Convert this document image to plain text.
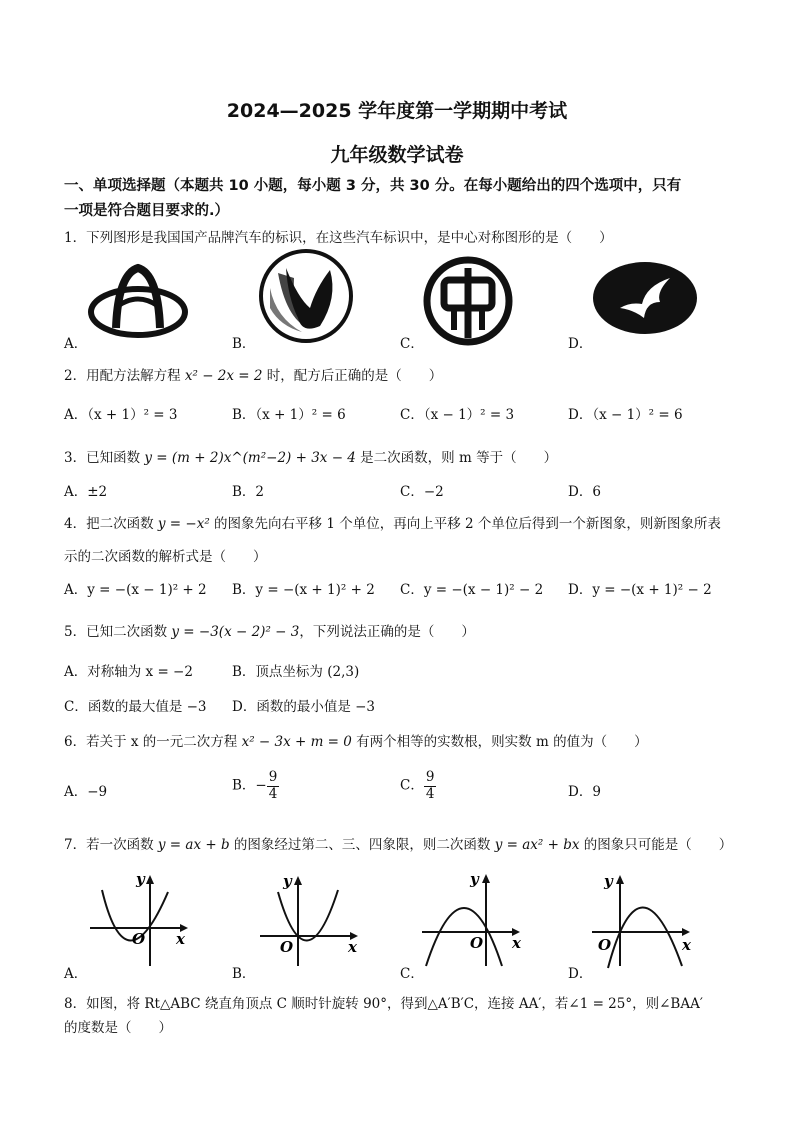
2024—2025 学年度第一学期期中考试
九年级数学试卷
一、单项选择题（本题共 10 小题，每小题 3 分，共 30 分。在每小题给出的四个选项中，只有
一项是符合题目要求的.）
1．下列图形是我国国产品牌汽车的标识，在这些汽车标识中，是中心对称图形的是（　　）
A．	B．	C．	D．
2．用配方法解方程 x² − 2x = 2 时，配方后正确的是（　　）
A．（x + 1）² = 3	B．（x + 1）² = 6	C．（x − 1）² = 3	D．（x − 1）² = 6
3．已知函数 y = (m + 2)x^(m²−2) + 3x − 4 是二次函数，则 m 等于（　　）
A．±2	B．2	C．−2	D．6
4．把二次函数 y = −x² 的图象先向右平移 1 个单位，再向上平移 2 个单位后得到一个新图象，则新图象所表
示的二次函数的解析式是（　　）
A．y = −(x − 1)² + 2 B．y = −(x + 1)² + 2 C．y = −(x − 1)² − 2 D．y = −(x + 1)² − 2
5．已知二次函数 y = −3(x − 2)² − 3，下列说法正确的是（　　）
A．对称轴为 x = −2	B．顶点坐标为 (2,3)
C．函数的最大值是 −3 D．函数的最小值是 −3
6．若关于 x 的一元二次方程 x² − 3x + m = 0 有两个相等的实数根，则实数 m 的值为（　　）
A．−9	B．− $\frac{9}{4}$	C． $\frac{9}{4}$	D．9
7．若一次函数 y = ax + b 的图象经过第二、三、四象限，则二次函数 y = ax² + bx 的图象只可能是（　　）
y
O x
y
O	x
y
O x
y
O	x
A．	B．	C．	D．
8．如图，将 Rt△ABC 绕直角顶点 C 顺时针旋转 90°，得到△A′B′C，连接 AA′，若∠1 = 25°，则∠BAA′
的度数是（　　）
